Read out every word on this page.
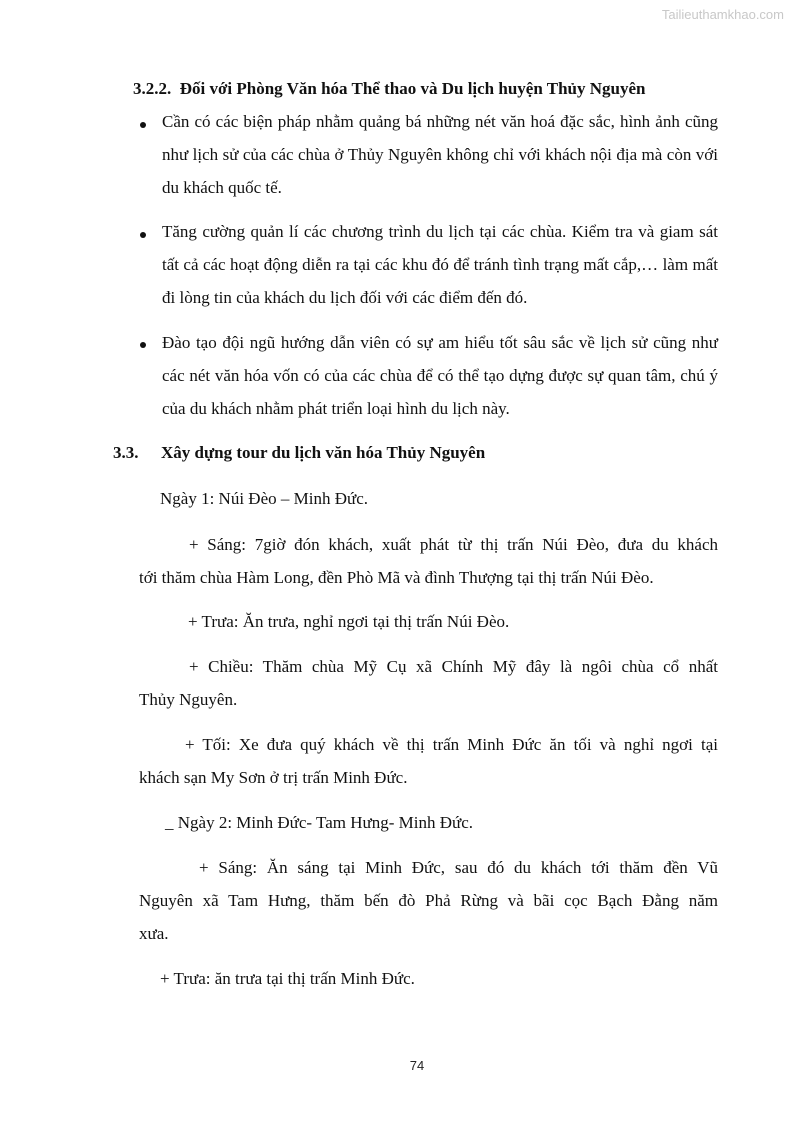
Tailieuthamkhao.com
3.2.2. Đối với Phòng Văn hóa Thể thao và Du lịch huyện Thủy Nguyên
Cần có các biện pháp nhằm quảng bá những nét văn hoá đặc sắc, hình ảnh cũng như lịch sử của các chùa ở Thủy Nguyên không chỉ với khách nội địa mà còn với du khách quốc tế.
Tăng cường quản lí các chương trình du lịch tại các chùa. Kiểm tra và giam sát tất cả các hoạt động diễn ra tại các khu đó để tránh tình trạng mất cắp,… làm mất đi lòng tin của khách du lịch đối với các điểm đến đó.
Đào tạo đội ngũ hướng dẫn viên có sự am hiểu tốt sâu sắc về lịch sử cũng như các nét văn hóa vốn có của các chùa để có thể tạo dựng được sự quan tâm, chú ý của du khách nhằm phát triển loại hình du lịch này.
3.3. Xây dựng tour du lịch văn hóa Thủy Nguyên
Ngày 1: Núi Đèo – Minh Đức.
+ Sáng: 7giờ đón khách, xuất phát từ thị trấn Núi Đèo, đưa du khách
tới thăm chùa Hàm Long, đền Phò Mã và đình Thượng tại thị trấn Núi Đèo.
+ Trưa: Ăn trưa, nghỉ ngơi tại thị trấn Núi Đèo.
+ Chiều: Thăm chùa Mỹ Cụ xã Chính Mỹ đây là ngôi chùa cổ nhất
Thủy Nguyên.
+ Tối: Xe đưa quý khách về thị trấn Minh Đức ăn tối và nghỉ ngơi tại
khách sạn My Sơn ở trị trấn Minh Đức.
_ Ngày 2: Minh Đức- Tam Hưng- Minh Đức.
+ Sáng: Ăn sáng tại Minh Đức, sau đó du khách tới thăm đền Vũ
Nguyên xã Tam Hưng, thăm bến đò Phả Rừng và bãi cọc Bạch Đằng năm
xưa.
+ Trưa: ăn trưa tại thị trấn Minh Đức.
74
